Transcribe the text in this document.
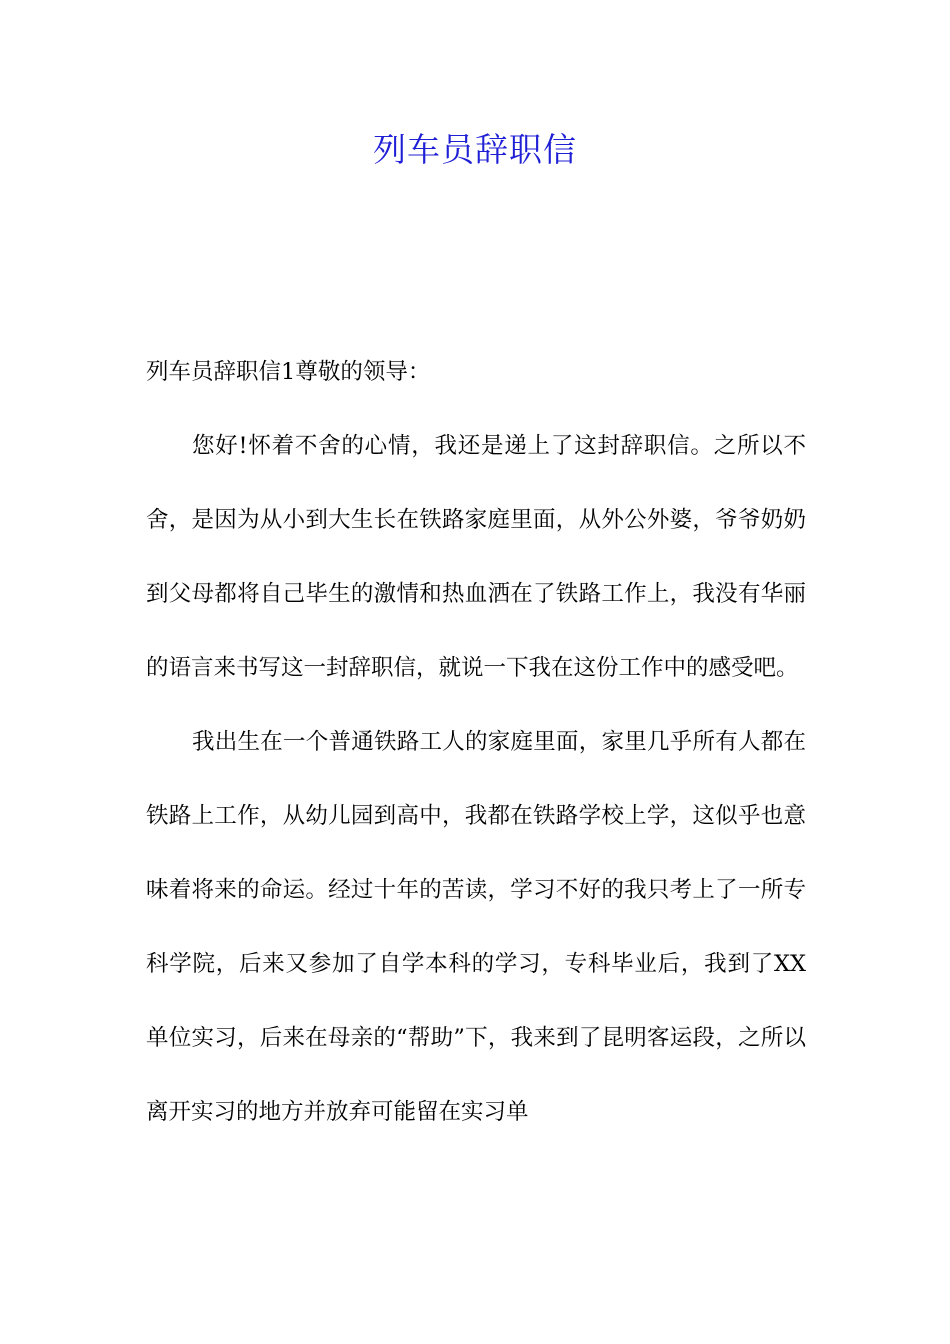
列车员辞职信

列车员辞职信1尊敬的领导：

您好!怀着不舍的心情，我还是递上了这封辞职信。之所以不舍，是因为从小到大生长在铁路家庭里面，从外公外婆，爷爷奶奶到父母都将自己毕生的激情和热血洒在了铁路工作上，我没有华丽的语言来书写这一封辞职信，就说一下我在这份工作中的感受吧。

我出生在一个普通铁路工人的家庭里面，家里几乎所有人都在铁路上工作，从幼儿园到高中，我都在铁路学校上学，这似乎也意味着将来的命运。经过十年的苦读，学习不好的我只考上了一所专科学院，后来又参加了自学本科的学习，专科毕业后，我到了XX单位实习，后来在母亲的“帮助”下，我来到了昆明客运段，之所以离开实习的地方并放弃可能留在实习单
